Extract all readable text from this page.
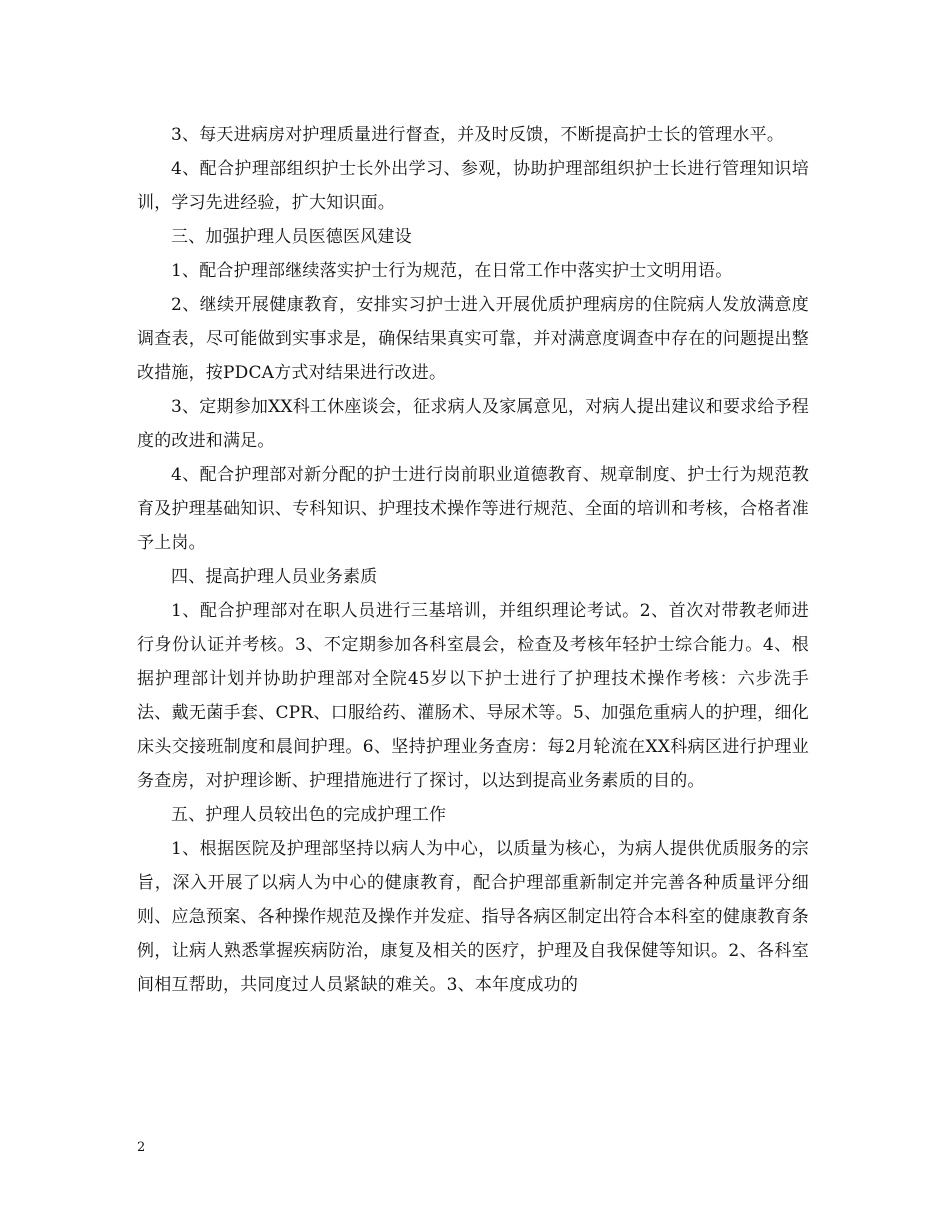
3、每天进病房对护理质量进行督查，并及时反馈，不断提高护士长的管理水平。

4、配合护理部组织护士长外出学习、参观，协助护理部组织护士长进行管理知识培训，学习先进经验，扩大知识面。

三、加强护理人员医德医风建设

1、配合护理部继续落实护士行为规范，在日常工作中落实护士文明用语。

2、继续开展健康教育，安排实习护士进入开展优质护理病房的住院病人发放满意度调查表，尽可能做到实事求是，确保结果真实可靠，并对满意度调查中存在的问题提出整改措施，按PDCA方式对结果进行改进。

3、定期参加XX科工休座谈会，征求病人及家属意见，对病人提出建议和要求给予程度的改进和满足。

4、配合护理部对新分配的护士进行岗前职业道德教育、规章制度、护士行为规范教育及护理基础知识、专科知识、护理技术操作等进行规范、全面的培训和考核，合格者准予上岗。

四、提高护理人员业务素质

1、配合护理部对在职人员进行三基培训，并组织理论考试。2、首次对带教老师进行身份认证并考核。3、不定期参加各科室晨会，检查及考核年轻护士综合能力。4、根据护理部计划并协助护理部对全院45岁以下护士进行了护理技术操作考核：六步洗手法、戴无菌手套、CPR、口服给药、灌肠术、导尿术等。5、加强危重病人的护理，细化床头交接班制度和晨间护理。6、坚持护理业务查房：每2月轮流在XX科病区进行护理业务查房，对护理诊断、护理措施进行了探讨，以达到提高业务素质的目的。

五、护理人员较出色的完成护理工作

1、根据医院及护理部坚持以病人为中心，以质量为核心，为病人提供优质服务的宗旨，深入开展了以病人为中心的健康教育，配合护理部重新制定并完善各种质量评分细则、应急预案、各种操作规范及操作并发症、指导各病区制定出符合本科室的健康教育条例，让病人熟悉掌握疾病防治，康复及相关的医疗，护理及自我保健等知识。2、各科室间相互帮助，共同度过人员紧缺的难关。3、本年度成功的

2
